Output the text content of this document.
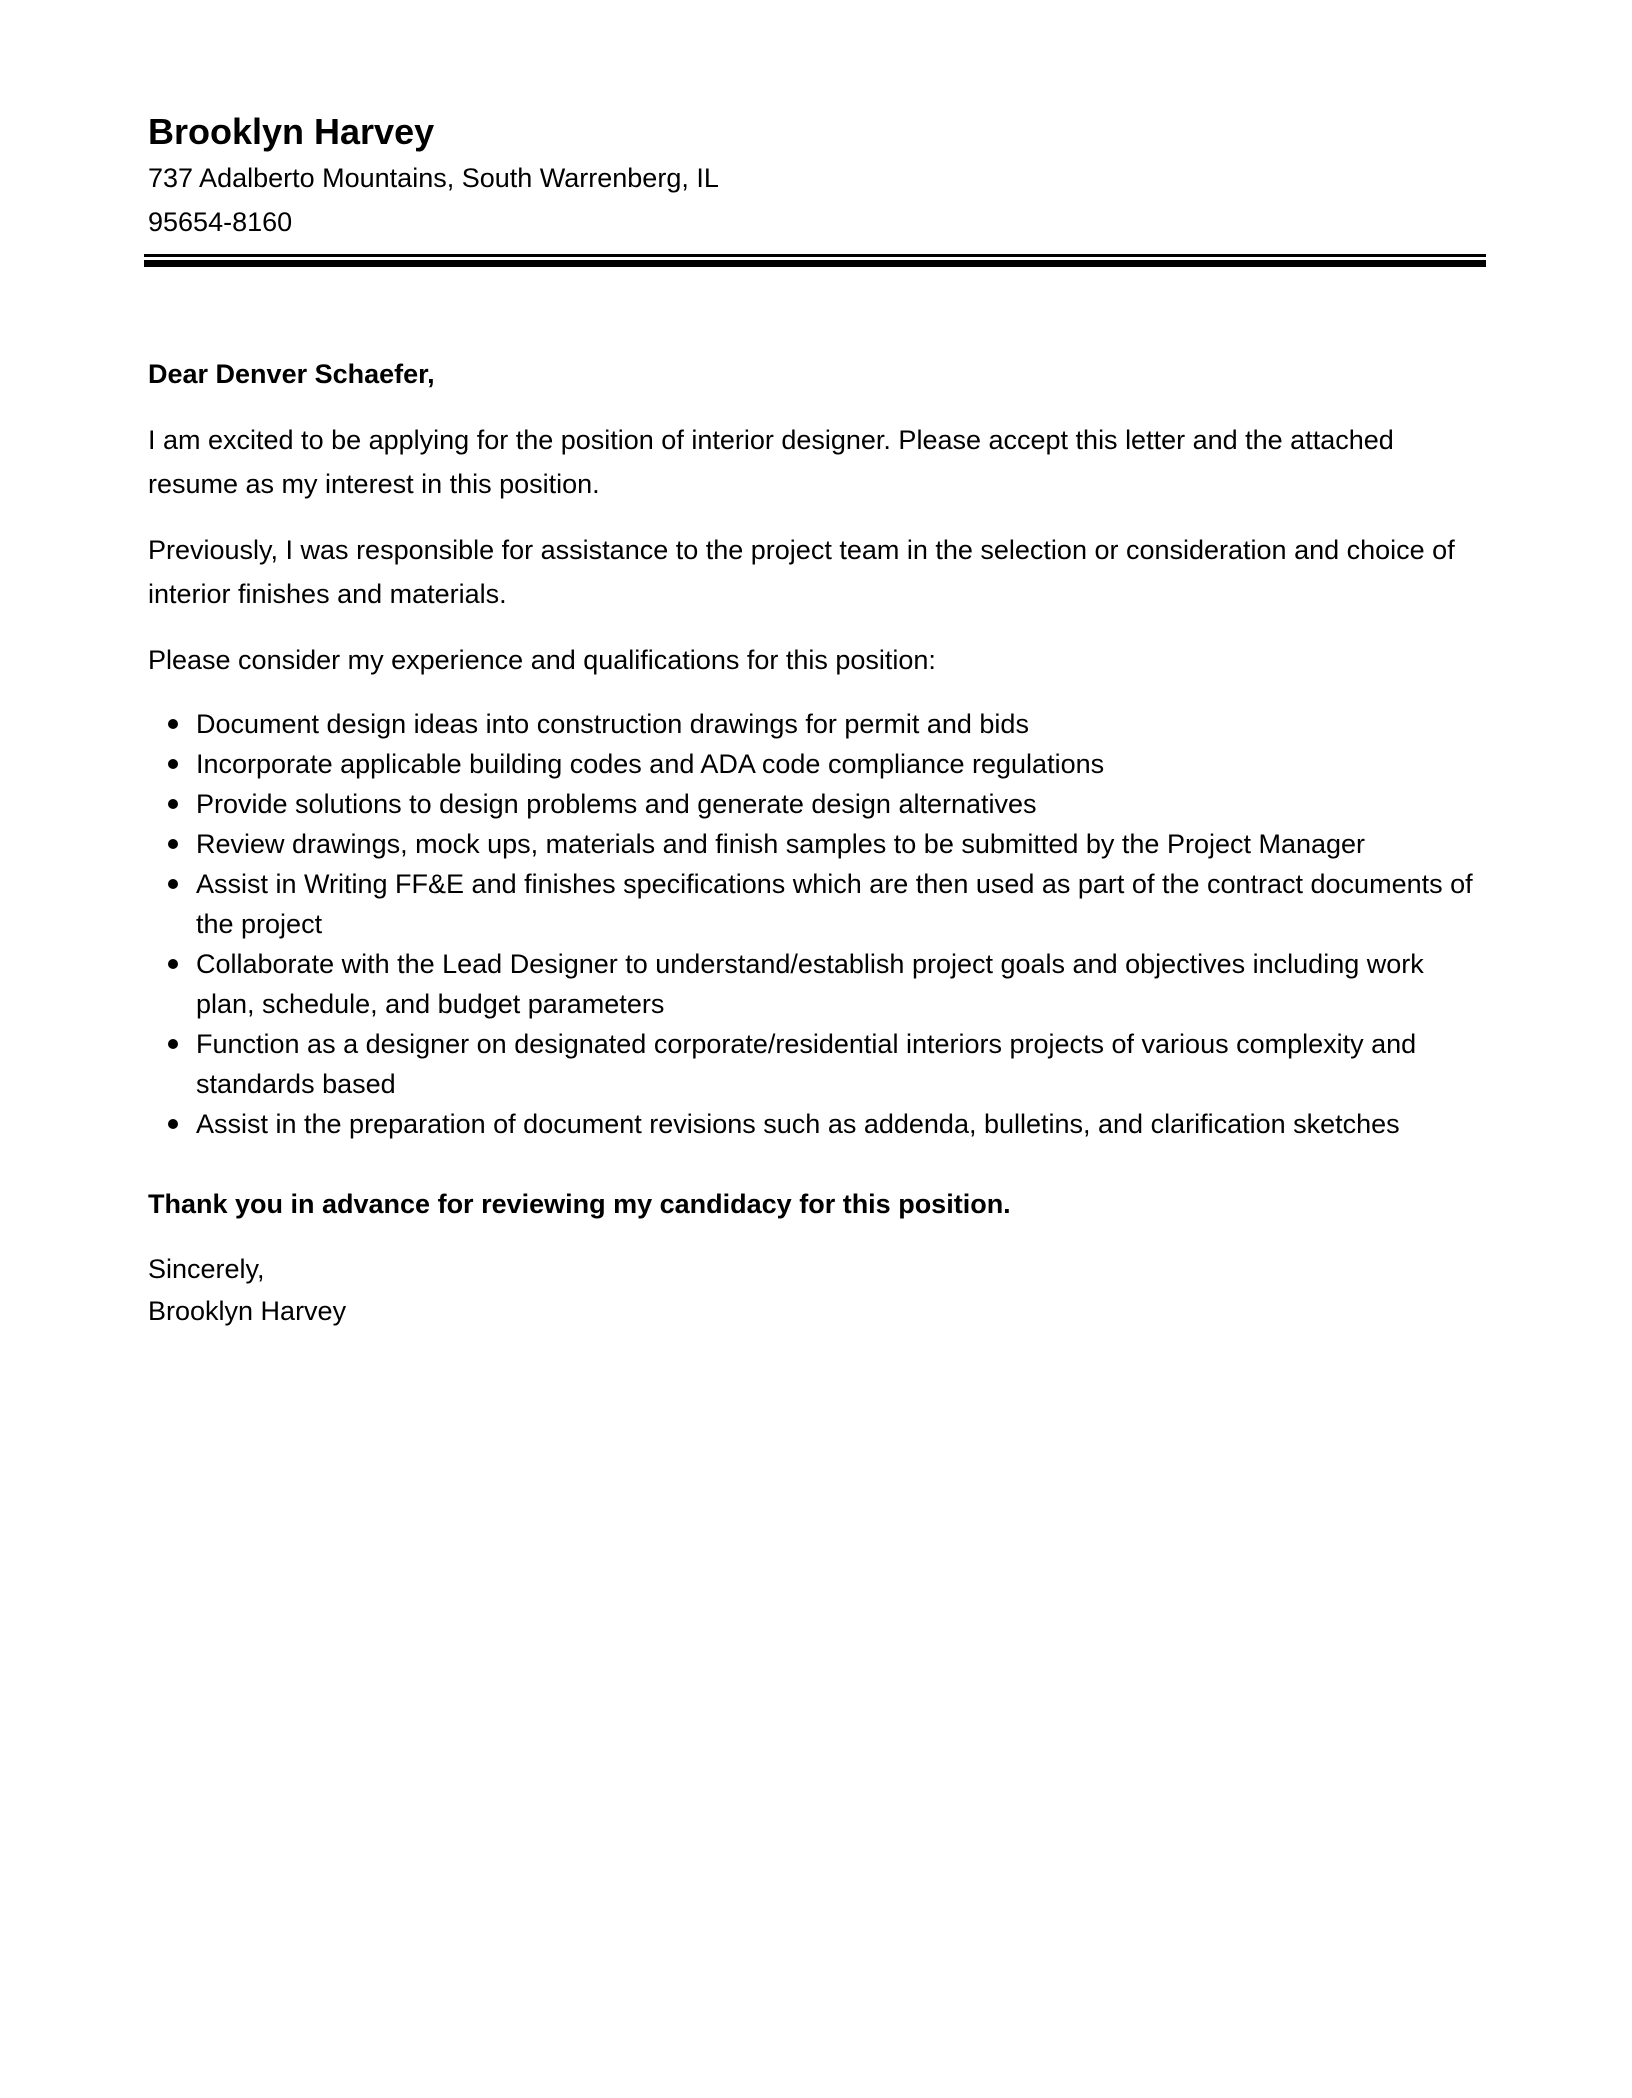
Brooklyn Harvey

737 Adalberto Mountains, South Warrenberg, IL

95654-8160

Dear Denver Schaefer,

I am excited to be applying for the position of interior designer. Please accept this letter and the attached resume as my interest in this position.

Previously, I was responsible for assistance to the project team in the selection or consideration and choice of interior finishes and materials.

Please consider my experience and qualifications for this position:

Document design ideas into construction drawings for permit and bids
Incorporate applicable building codes and ADA code compliance regulations
Provide solutions to design problems and generate design alternatives
Review drawings, mock ups, materials and finish samples to be submitted by the Project Manager
Assist in Writing FF&E and finishes specifications which are then used as part of the contract documents of the project
Collaborate with the Lead Designer to understand/establish project goals and objectives including work plan, schedule, and budget parameters
Function as a designer on designated corporate/residential interiors projects of various complexity and standards based
Assist in the preparation of document revisions such as addenda, bulletins, and clarification sketches

Thank you in advance for reviewing my candidacy for this position.

Sincerely,

Brooklyn Harvey
